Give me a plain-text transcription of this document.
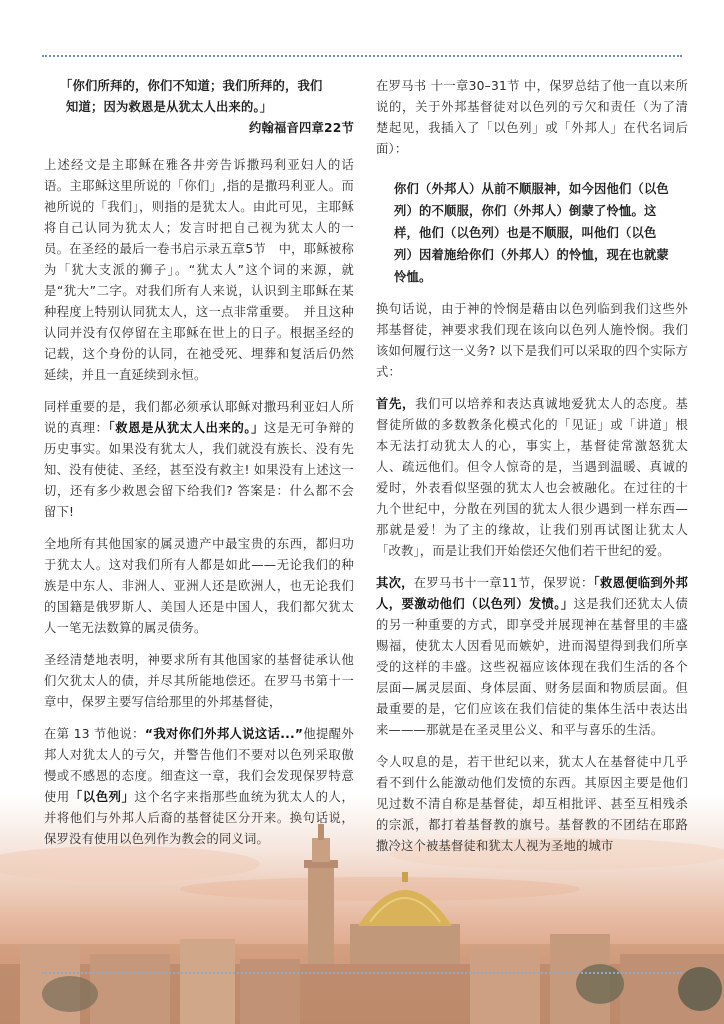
「你们所拜的，你们不知道；我们所拜的，我们
知道；因为救恩是从犹太人出来的。」
约翰福音四章22节

上述经文是主耶稣在雅各井旁告诉撒玛利亚妇人的话语。主耶稣这里所说的「你们」,指的是撒玛利亚人。而祂所说的「我们」，则指的是犹太人。由此可见，主耶稣将自己认同为犹太人；发言时把自己视为犹太人的一员。在圣经的最后一卷书启示录五章5节　中，耶稣被称为「犹大支派的狮子」。“犹太人”这个词的来源，就是“犹大”二字。对我们所有人来说，认识到主耶稣在某种程度上特别认同犹太人，这一点非常重要。　并且这种认同并没有仅停留在主耶稣在世上的日子。根据圣经的记载，这个身份的认同，在祂受死、埋葬和复活后仍然延续，并且一直延续到永恒。

同样重要的是，我们都必须承认耶稣对撒玛利亚妇人所说的真理：「救恩是从犹太人出来的。」这是无可争辩的历史事实。如果没有犹太人，我们就没有族长、没有先知、没有使徒、圣经，甚至没有救主! 如果没有上述这一切，还有多少救恩会留下给我们? 答案是：什么都不会留下!

全地所有其他国家的属灵遗产中最宝贵的东西，都归功于犹太人。这对我们所有人都是如此——无论我们的种族是中东人、非洲人、亚洲人还是欧洲人，也无论我们的国籍是俄罗斯人、美国人还是中国人，我们都欠犹太人一笔无法数算的属灵债务。

圣经清楚地表明，神要求所有其他国家的基督徒承认他们欠犹太人的债，并尽其所能地偿还。在罗马书第十一章中，保罗主要写信给那里的外邦基督徒，

在第 13 节他说：“我对你们外邦人说这话...”他提醒外邦人对犹太人的亏欠，并警告他们不要对以色列采取傲慢或不感恩的态度。细查这一章，我们会发现保罗特意使用「以色列」这个名字来指那些血统为犹太人的人，并将他们与外邦人后裔的基督徒区分开来。换句话说，保罗没有使用以色列作为教会的同义词。

在罗马书 十一章30–31节 中，保罗总结了他一直以来所说的，关于外邦基督徒对以色列的亏欠和责任（为了清楚起见，我插入了「以色列」或「外邦人」在代名词后面）：

你们（外邦人）从前不顺服神，如今因他们（以色列）的不顺服，你们（外邦人）倒蒙了怜恤。这样，他们（以色列）也是不顺服，叫他们（以色列）因着施给你们（外邦人）的怜恤，现在也就蒙怜恤。

换句话说，由于神的怜悯是藉由以色列临到我们这些外邦基督徒，神要求我们现在该向以色列人施怜悯。我们该如何履行这一义务? 以下是我们可以采取的四个实际方式：

首先，我们可以培养和表达真诚地爱犹太人的态度。基督徒所做的多数教条化模式化的「见证」或「讲道」根本无法打动犹太人的心，事实上，基督徒常激怒犹太人、疏远他们。但令人惊奇的是，当遇到温暖、真诚的爱时，外表看似坚强的犹太人也会被融化。在过往的十九个世纪中，分散在列国的犹太人很少遇到一样东西—那就是爱！为了主的缘故，让我们别再试图让犹太人「改教」，而是让我们开始偿还欠他们若干世纪的爱。

其次，在罗马书十一章11节，保罗说：「救恩便临到外邦人，要激动他们（以色列）发愤。」这是我们还犹太人债的另一种重要的方式，即享受并展现神在基督里的丰盛赐福，使犹太人因看见而嫉妒，进而渴望得到我们所享受的这样的丰盛。这些祝福应该体现在我们生活的各个层面—属灵层面、身体层面、财务层面和物质层面。但最重要的是，它们应该在我们信徒的集体生活中表达出来———那就是在圣灵里公义、和平与喜乐的生活。

令人叹息的是，若干世纪以来，犹太人在基督徒中几乎看不到什么能激动他们发愤的东西。其原因主要是他们见过数不清自称是基督徒，却互相批评、甚至互相残杀的宗派，都打着基督教的旗号。基督教的不团结在耶路撒冷这个被基督徒和犹太人视为圣地的城市
